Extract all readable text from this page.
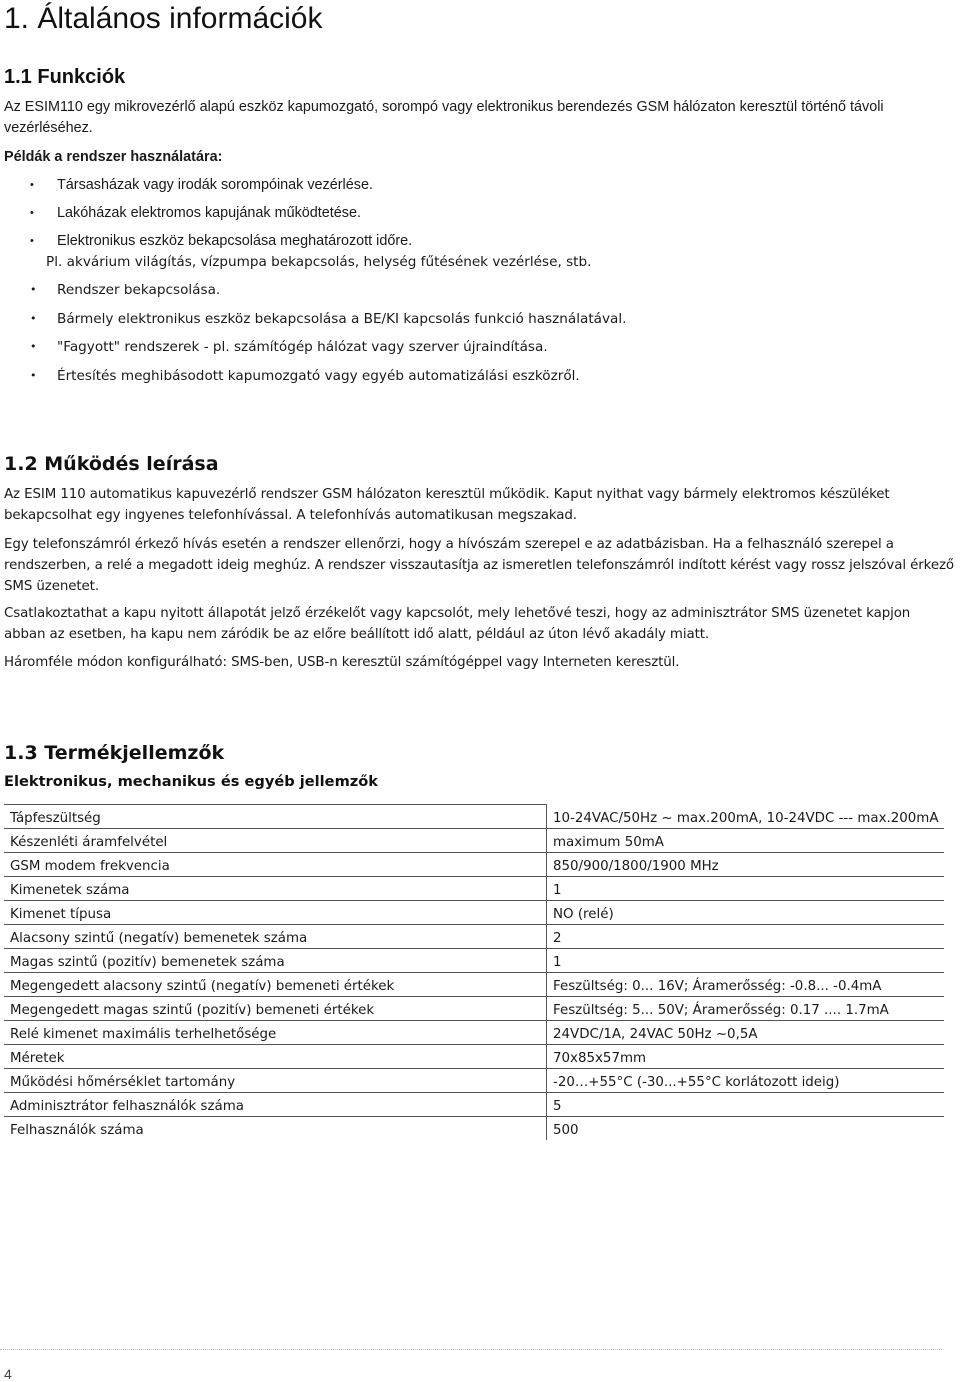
1. Általános információk
1.1 Funkciók
Az ESIM110 egy mikrovezérlő alapú eszköz kapumozgató, sorompó vagy elektronikus berendezés GSM hálózaton keresztül történő távoli vezérléséhez.
Példák a rendszer használatára:
• Társasházak vagy irodák sorompóinak vezérlése.
• Lakóházak elektromos kapujának működtetése.
• Elektronikus eszköz bekapcsolása meghatározott időre.
Pl. akvárium világítás, vízpumpa bekapcsolás, helység fűtésének vezérlése, stb.
• Rendszer bekapcsolása.
• Bármely elektronikus eszköz bekapcsolása a BE/KI kapcsolás funkció használatával.
• "Fagyott" rendszerek - pl. számítógép hálózat vagy szerver újraindítása.
• Értesítés meghibásodott kapumozgató vagy egyéb automatizálási eszközről.
1.2 Működés leírása
Az ESIM 110 automatikus kapuvezérlő rendszer GSM hálózaton keresztül működik. Kaput nyithat vagy bármely elektromos készüléket bekapcsolhat egy ingyenes telefonhívással. A telefonhívás automatikusan megszakad.
Egy telefonszámról érkező hívás esetén a rendszer ellenőrzi, hogy a hívószám szerepel e az adatbázisban. Ha a felhasználó szerepel a rendszerben, a relé a megadott ideig meghúz. A rendszer visszautasítja az ismeretlen telefonszámról indított kérést vagy rossz jelszóval érkező SMS üzenetet.
Csatlakoztathat a kapu nyitott állapotát jelző érzékelőt vagy kapcsolót, mely lehetővé teszi, hogy az adminisztrátor SMS üzenetet kapjon abban az esetben, ha kapu nem záródik be az előre beállított idő alatt, például az úton lévő akadály miatt.
Háromféle módon konfigurálható: SMS-ben, USB-n keresztül számítógéppel vagy Interneten keresztül.
1.3 Termékjellemzők
Elektronikus, mechanikus és egyéb jellemzők
Tápfeszültség	10-24VAC/50Hz ~ max.200mA, 10-24VDC --- max.200mA
Készenléti áramfelvétel	maximum 50mA
GSM modem frekvencia	850/900/1800/1900 MHz
Kimenetek száma	1
Kimenet típusa	NO (relé)
Alacsony szintű (negatív) bemenetek száma	2
Magas szintű (pozitív) bemenetek száma	1
Megengedett alacsony szintű (negatív) bemeneti értékek	Feszültség: 0... 16V; Áramerősség: -0.8... -0.4mA
Megengedett magas szintű (pozitív) bemeneti értékek	Feszültség: 5... 50V; Áramerősség: 0.17 .... 1.7mA
Relé kimenet maximális terhelhetősége	24VDC/1A, 24VAC 50Hz ~0,5A
Méretek	70x85x57mm
Működési hőmérséklet tartomány	-20…+55°C (-30...+55°C korlátozott ideig)
Adminisztrátor felhasználók száma	5
Felhasználók száma	500
4
